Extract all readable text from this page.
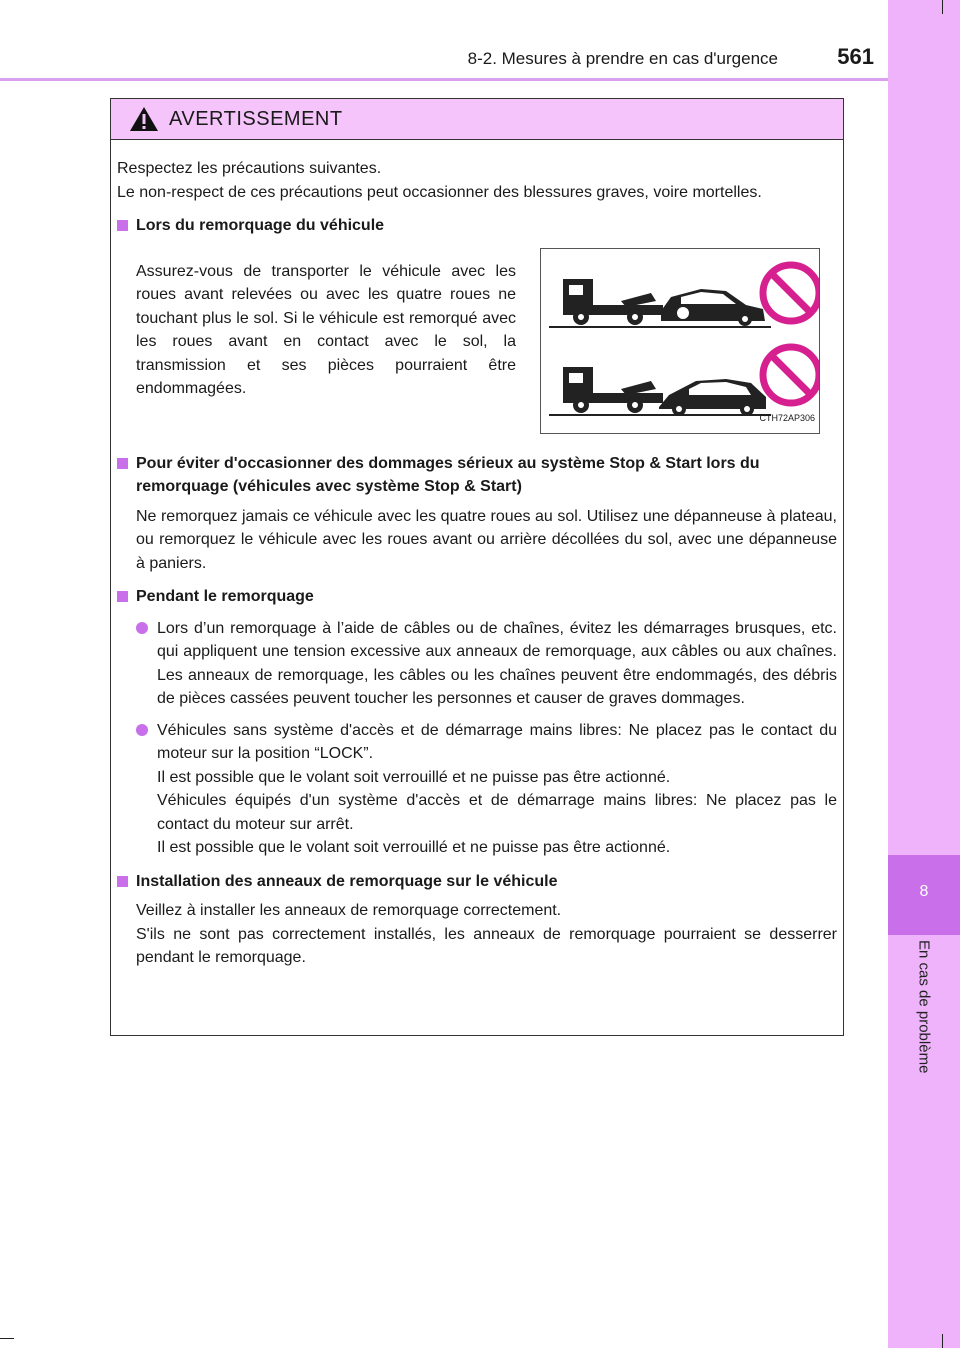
8
En cas de problème
8-2. Mesures à prendre en cas d'urgence	561
AVERTISSEMENT

Respectez les précautions suivantes.

Le non-respect de ces précautions peut occasionner des blessures graves, voire mortelles.

Lors du remorquage du véhicule
Assurez-vous de transporter le véhicule avec les roues avant relevées ou avec les quatre roues ne touchant plus le sol. Si le véhicule est remorqué avec les roues avant en contact avec le sol, la transmission et ses pièces pourraient être endommagées.
CTH72AP306
Pour éviter d'occasionner des dommages sérieux au système Stop & Start lors du remorquage (véhicules avec système Stop & Start)

Ne remorquez jamais ce véhicule avec les quatre roues au sol. Utilisez une dépanneuse à plateau, ou remorquez le véhicule avec les roues avant ou arrière décollées du sol, avec une dépanneuse à paniers.

Pendant le remorquage
Lors d’un remorquage à l’aide de câbles ou de chaînes, évitez les démarrages brusques, etc. qui appliquent une tension excessive aux anneaux de remorquage, aux câbles ou aux chaînes. Les anneaux de remorquage, les câbles ou les chaînes peuvent être endommagés, des débris de pièces cassées peuvent toucher les personnes et causer de graves dommages.
Véhicules sans système d'accès et de démarrage mains libres: Ne placez pas le contact du moteur sur la position “LOCK”.
Il est possible que le volant soit verrouillé et ne puisse pas être actionné.
Véhicules équipés d'un système d'accès et de démarrage mains libres: Ne placez pas le contact du moteur sur arrêt.
Il est possible que le volant soit verrouillé et ne puisse pas être actionné.
Installation des anneaux de remorquage sur le véhicule
Veillez à installer les anneaux de remorquage correctement.
S'ils ne sont pas correctement installés, les anneaux de remorquage pourraient se desserrer pendant le remorquage.
